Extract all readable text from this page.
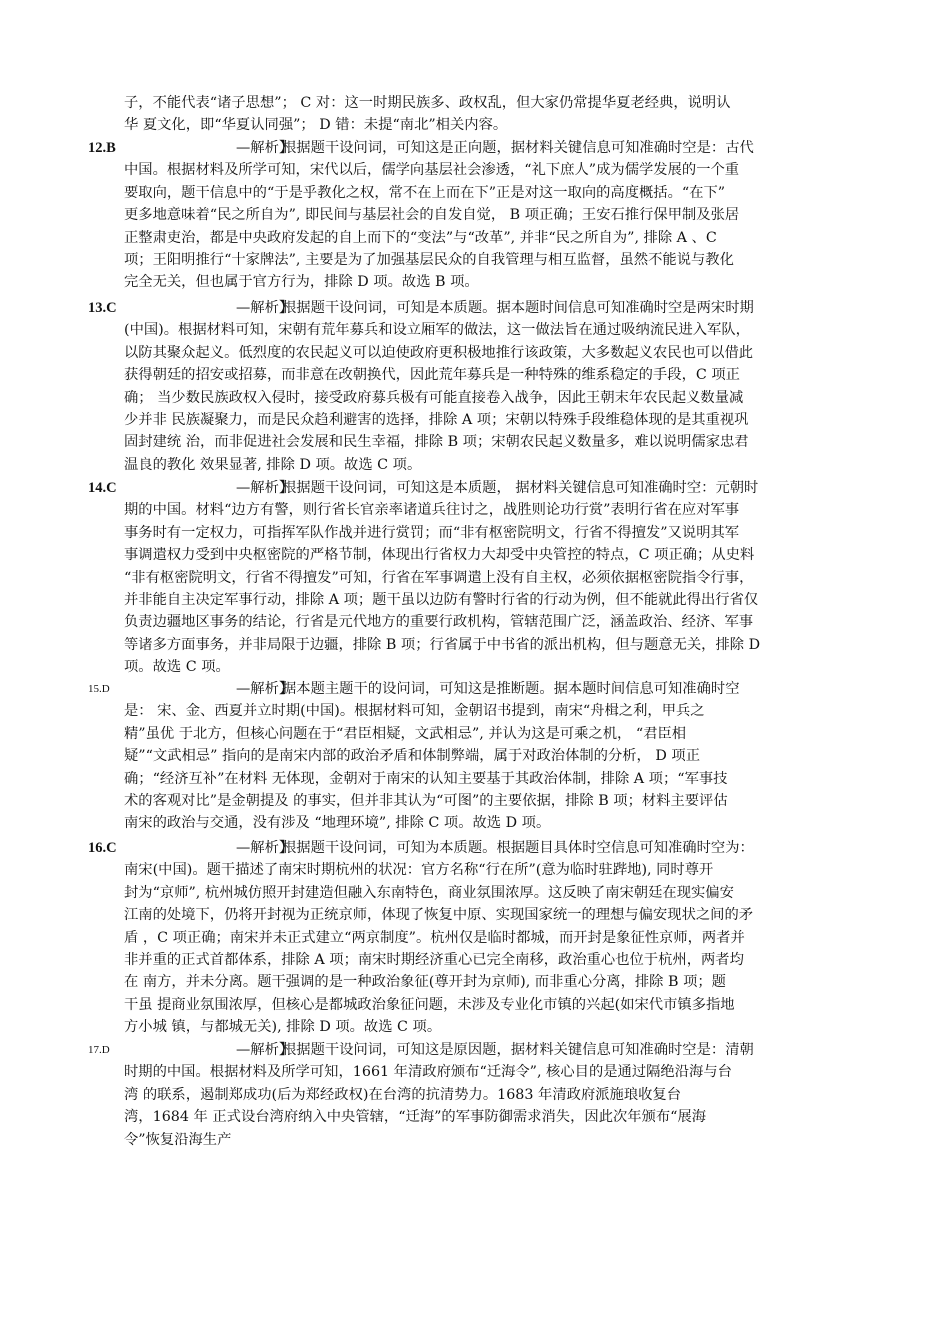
子，不能代表“诸子思想”； C 对：这一时期民族多、政权乱，但大家仍常提华夏老经典，说明认
华 夏文化，即“华夏认同强”； D 错：未提“南北”相关内容。
12.B	—解析】
根据题干设问词，可知这是正向题，据材料关键信息可知准确时空是：古代
中国。根据材料及所学可知，宋代以后，儒学向基层社会渗透，“礼下庶人”成为儒学发展的一个重
要取向，题干信息中的“于是乎教化之权，常不在上而在下”正是对这一取向的高度概括。“在下”
更多地意味着“民之所自为”, 即民间与基层社会的自发自觉， B 项正确；王安石推行保甲制及张居
正整肃吏治，都是中央政府发起的自上而下的“变法”与“改革”, 并非“民之所自为”, 排除 A 、C
项；王阳明推行“十家牌法”, 主要是为了加强基层民众的自我管理与相互监督，虽然不能说与教化
完全无关，但也属于官方行为，排除 D 项。故选 B 项。
13.C	—解析】
根据题干设问词，可知是本质题。据本题时间信息可知准确时空是两宋时期
(中国)。根据材料可知，宋朝有荒年募兵和设立厢军的做法，这一做法旨在通过吸纳流民进入军队，
以防其聚众起义。低烈度的农民起义可以迫使政府更积极地推行该政策，大多数起义农民也可以借此
获得朝廷的招安或招募，而非意在改朝换代，因此荒年募兵是一种特殊的维系稳定的手段，C 项正
确； 当少数民族政权入侵时，接受政府募兵极有可能直接卷入战争，因此王朝末年农民起义数量减
少并非 民族凝聚力，而是民众趋利避害的选择，排除 A 项；宋朝以特殊手段维稳体现的是其重视巩
固封建统 治，而非促进社会发展和民生幸福，排除 B 项；宋朝农民起义数量多，难以说明儒家忠君
温良的教化 效果显著, 排除 D 项。故选 C 项。
14.C	—解析】
根据题干设问词，可知这是本质题， 据材料关键信息可知准确时空：元朝时
期的中国。材料“边方有警，则行省长官亲率诸道兵往讨之，战胜则论功行赏”表明行省在应对军事
事务时有一定权力，可指挥军队作战并进行赏罚；而“非有枢密院明文，行省不得擅发”又说明其军
事调遣权力受到中央枢密院的严格节制，体现出行省权力大却受中央管控的特点，C 项正确；从史料
“非有枢密院明文，行省不得擅发”可知，行省在军事调遣上没有自主权，必须依据枢密院指令行事，
并非能自主决定军事行动，排除 A 项；题干虽以边防有警时行省的行动为例，但不能就此得出行省仅
负责边疆地区事务的结论，行省是元代地方的重要行政机构，管辖范围广泛，涵盖政治、经济、军事
等诸多方面事务，并非局限于边疆，排除 B 项；行省属于中书省的派出机构，但与题意无关，排除 D
项。故选 C 项。
15.D	—解析】
据本题主题干的设问词，可知这是推断题。据本题时间信息可知准确时空
是： 宋、金、西夏并立时期(中国)。根据材料可知，金朝诏书提到，南宋“舟楫之利，甲兵之
精”虽优 于北方，但核心问题在于“君臣相疑，文武相忌”, 并认为这是可乘之机， “君臣相
疑”“文武相忌” 指向的是南宋内部的政治矛盾和体制弊端，属于对政治体制的分析， D 项正
确；“经济互补”在材料 无体现，金朝对于南宋的认知主要基于其政治体制，排除 A 项；“军事技
术的客观对比”是金朝提及 的事实，但并非其认为“可图”的主要依据，排除 B 项；材料主要评估
南宋的政治与交通，没有涉及 “地理环境”, 排除 C 项。故选 D 项。
16.C	—解析】
根据题干设问词，可知为本质题。根据题目具体时空信息可知准确时空为：
南宋(中国)。题干描述了南宋时期杭州的状况：官方名称“行在所”(意为临时驻跸地), 同时尊开
封为“京师”, 杭州城仿照开封建造但融入东南特色，商业氛围浓厚。这反映了南宋朝廷在现实偏安
江南的处境下，仍将开封视为正统京师，体现了恢复中原、实现国家统一的理想与偏安现状之间的矛
盾 ，C 项正确；南宋并未正式建立“两京制度”。杭州仅是临时都城，而开封是象征性京师，两者并
非并重的正式首都体系，排除 A 项；南宋时期经济重心已完全南移，政治重心也位于杭州，两者均
在 南方，并未分离。题干强调的是一种政治象征(尊开封为京师), 而非重心分离，排除 B 项；题
干虽 提商业氛围浓厚，但核心是都城政治象征问题，未涉及专业化市镇的兴起(如宋代市镇多指地
方小城 镇，与都城无关), 排除 D 项。故选 C 项。
17.D	—解析】
根据题干设问词，可知这是原因题，据材料关键信息可知准确时空是：清朝
时期的中国。根据材料及所学可知，1661 年清政府颁布“迁海令”, 核心目的是通过隔绝沿海与台
湾 的联系，遏制郑成功(后为郑经政权)在台湾的抗清势力。1683 年清政府派施琅收复台
湾，1684 年 正式设台湾府纳入中央管辖，“迁海”的军事防御需求消失，因此次年颁布“展海
令”恢复沿海生产
